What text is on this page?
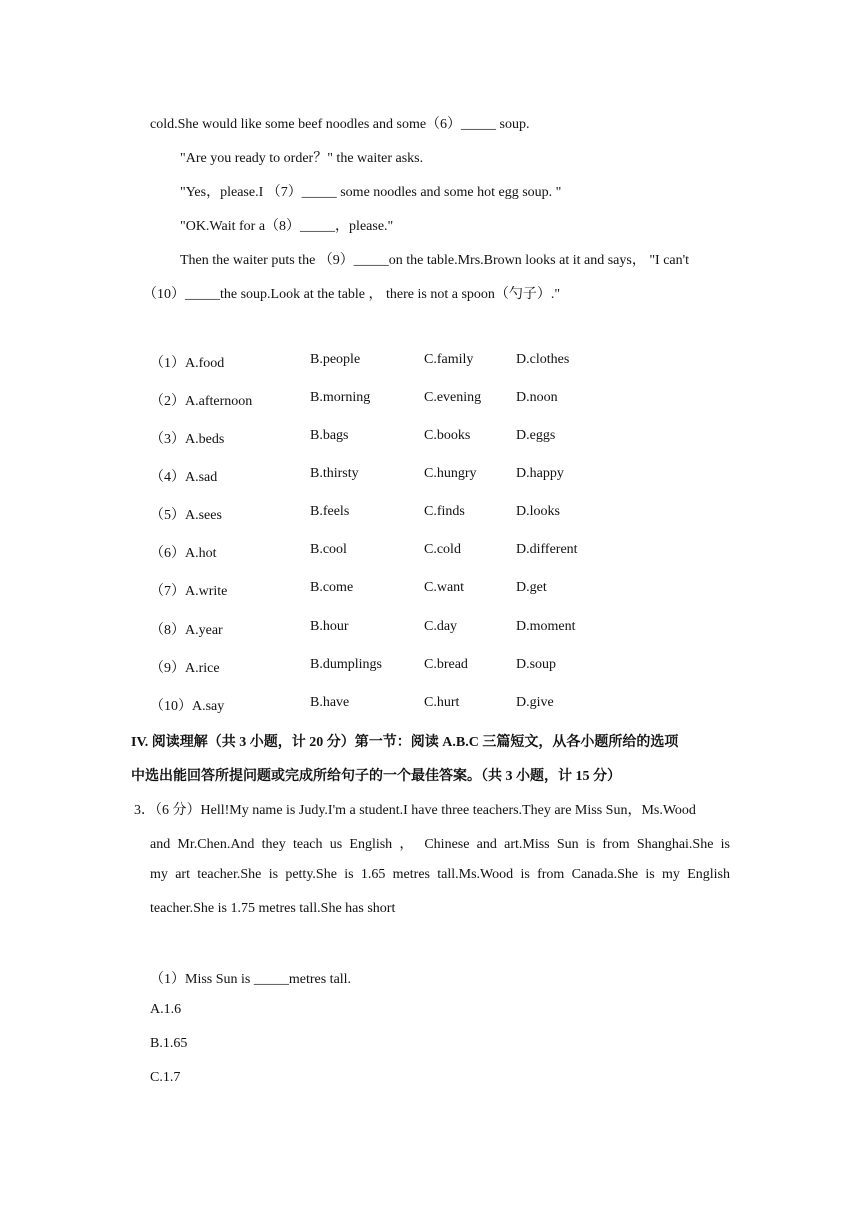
cold.She would like some beef noodles and some（6）_____ soup.
"Are you ready to order？" the waiter asks.
"Yes，please.I （7）_____ some noodles and some hot egg soup. "
"OK.Wait for a（8）_____，please."
Then the waiter puts the （9）_____on the table.Mrs.Brown looks at it and says， "I can't
（10）_____the soup.Look at the table ， there is not a spoon（勺子）."
（1）A.food	B.people	C.family	D.clothes
（2）A.afternoon	B.morning	C.evening D.noon
（3）A.beds	B.bags	C.books	D.eggs
（4）A.sad	B.thirsty	C.hungry	D.happy
（5）A.sees	B.feels	C.finds	D.looks
（6）A.hot	B.cool	C.cold	D.different
（7）A.write	B.come	C.want	D.get
（8）A.year	B.hour	C.day	D.moment
（9）A.rice	B.dumplings	C.bread	D.soup
（10）A.say	B.have	C.hurt	D.give
IV. 阅读理解（共 3 小题，计 20 分）第一节：阅读 A.B.C 三篇短文，从各小题所给的选项
中选出能回答所提问题或完成所给句子的一个最佳答案。（共 3 小题，计 15 分）
3．（6 分）Hell!My name is Judy.I'm a student.I have three teachers.They are Miss Sun，Ms.Wood
and Mr.Chen.And they teach us English ， Chinese and art.Miss Sun is from Shanghai.She is
my art teacher.She is petty.She is 1.65 metres tall.Ms.Wood is from Canada.She is my English
teacher.She is 1.75 metres tall.She has short
（1）Miss Sun is _____metres tall.
A.1.6
B.1.65
C.1.7
